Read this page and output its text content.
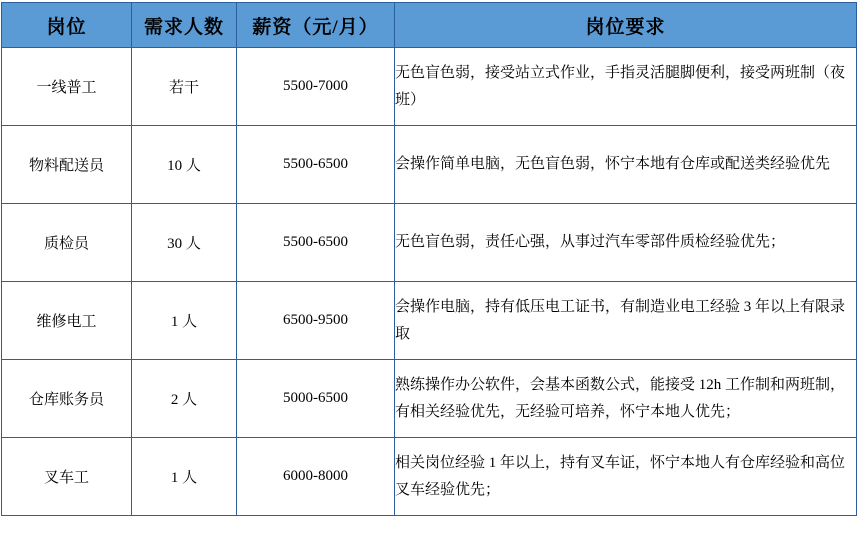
岗位	需求人数	薪资（元/月）	岗位要求
一线普工	若干	5500-7000	无色盲色弱，接受站立式作业，手指灵活腿脚便利，接受两班制（夜班）
物料配送员	10 人	5500-6500	会操作简单电脑，无色盲色弱，怀宁本地有仓库或配送类经验优先
质检员	30 人	5500-6500	无色盲色弱，责任心强，从事过汽车零部件质检经验优先；
维修电工	1 人	6500-9500	会操作电脑，持有低压电工证书，有制造业电工经验 3 年以上有限录取
仓库账务员	2 人	5000-6500	熟练操作办公软件，会基本函数公式，能接受 12h 工作制和两班制，有相关经验优先，无经验可培养，怀宁本地人优先；
叉车工	1 人	6000-8000	相关岗位经验 1 年以上，持有叉车证，怀宁本地人有仓库经验和高位叉车经验优先；
